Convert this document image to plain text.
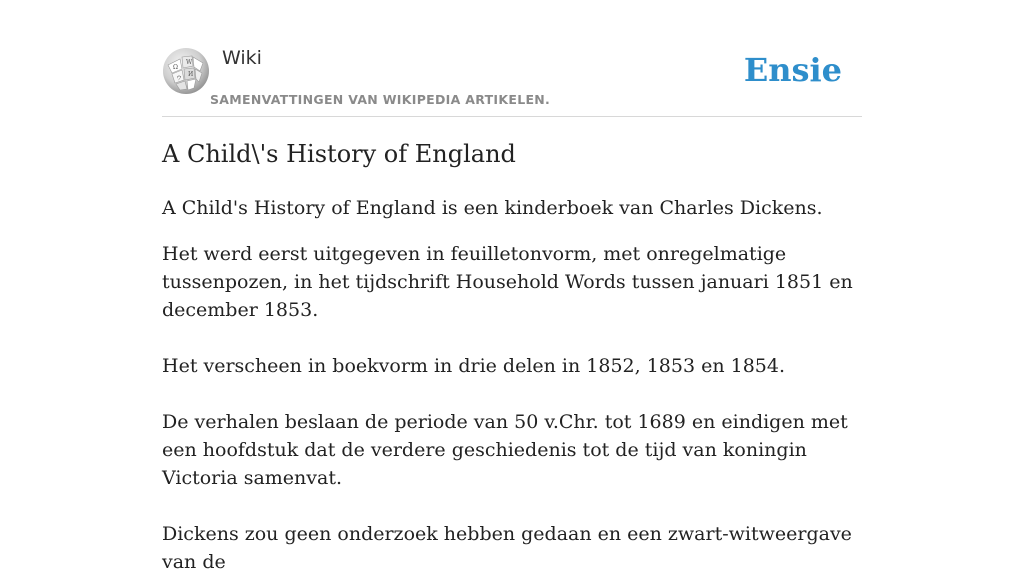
Ω
W
И
ウ
Wiki
SAMENVATTINGEN VAN WIKIPEDIA ARTIKELEN.
Ensie
A Child\'s History of England

A Child's History of England is een kinderboek van Charles Dickens.

Het werd eerst uitgegeven in feuilletonvorm, met onregelmatige tussenpozen, in het tijdschrift Household Words tussen januari 1851 en december 1853.

Het verscheen in boekvorm in drie delen in 1852, 1853 en 1854.

De verhalen beslaan de periode van 50 v.Chr. tot 1689 en eindigen met een hoofdstuk dat de verdere geschiedenis tot de tijd van koningin Victoria samenvat.

Dickens zou geen onderzoek hebben gedaan en een zwart-witweergave van de
